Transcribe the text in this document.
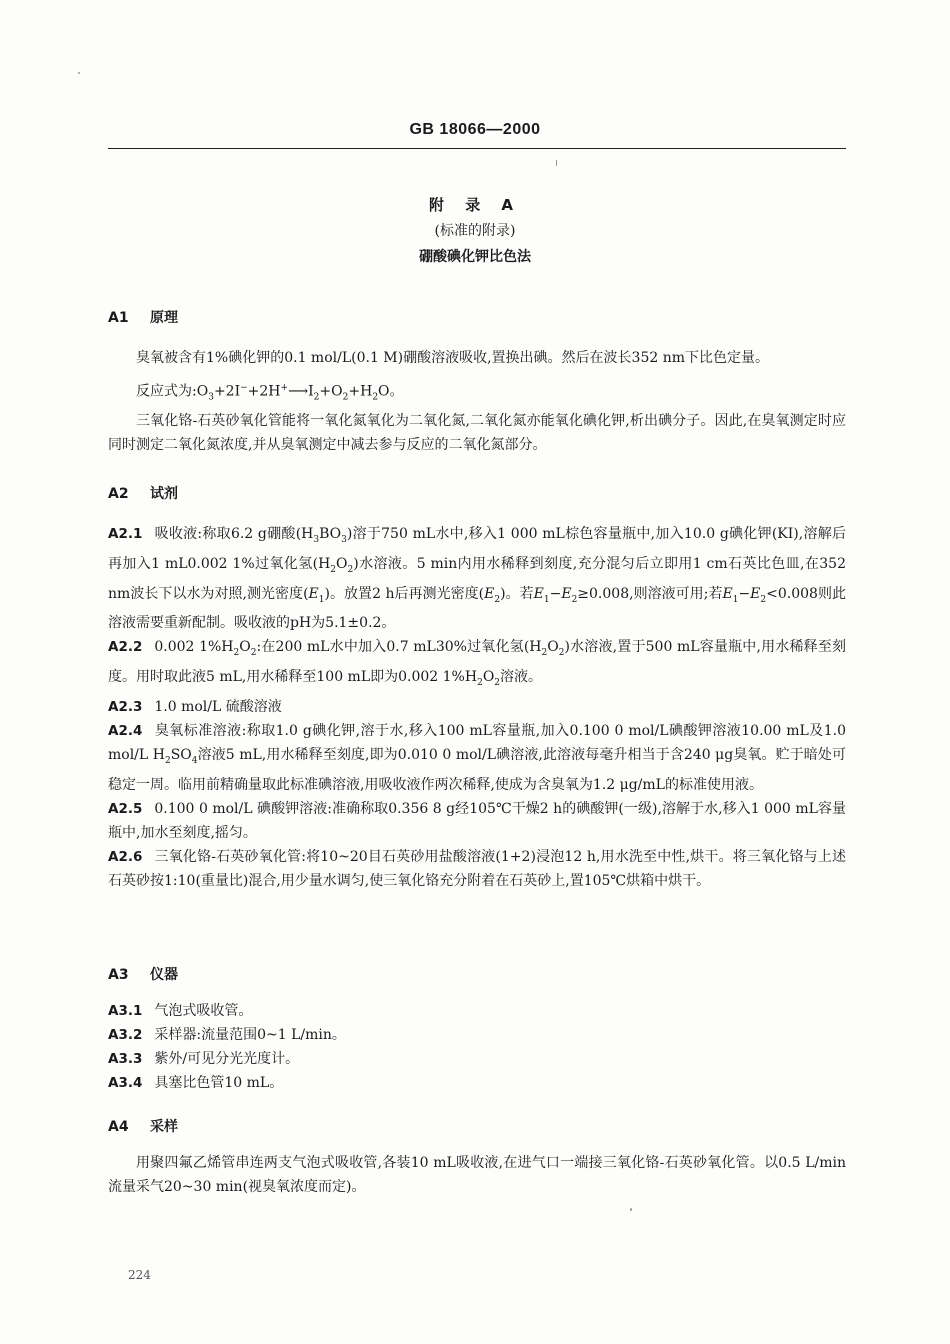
GB 18066—2000
附 录 A
(标准的附录)
硼酸碘化钾比色法

A1 原理

臭氧被含有1%碘化钾的0.1 mol/L(0.1 M)硼酸溶液吸收,置换出碘。然后在波长352 nm下比色定量。

反应式为$:O_3+2I^-+2H^+⟶I_2+O_2+H_2O$。

三氧化铬-石英砂氧化管能将一氧化氮氧化为二氧化氮,二氧化氮亦能氧化碘化钾,析出碘分子。因此,在臭氧测定时应同时测定二氧化氮浓度,并从臭氧测定中减去参与反应的二氧化氮部分。

A2 试剂

A2.1 吸收液:称取6.2 g硼酸$(H_3BO_3)$溶于750 mL水中,移入1 000 mL棕色容量瓶中,加入10.0 g碘化钾(KI),溶解后再加入1 mL0.002 1%过氧化氢$(H_2O_2)$水溶液。5 min内用水稀释到刻度,充分混匀后立即用1 cm石英比色皿,在352 nm波长下以水为对照,测光密度$(E_1)$。放置2 h后再测光密度$(E_2)$。若$E_1-E_2\ge 0.008$,则溶液可用;若$E_1-E_2<0.008$则此溶液需要重新配制。吸收液的pH为5.1±0.2。

A2.2 0.002 $1\%H_2O_2$:在200 mL水中加入0.7 mL30%过氧化氢$(H_2O_2)$水溶液,置于500 mL容量瓶中,用水稀释至刻度。用时取此液5 mL,用水稀释至100 mL即为0.002 $1\%H_2O_2$溶液。

A2.3 1.0 mol/L 硫酸溶液

A2.4 臭氧标准溶液:称取1.0 g碘化钾,溶于水,移入100 mL容量瓶,加入0.100 0 mol/L碘酸钾溶液10.00 mL及1.0 mol/L $H_2SO_4$溶液5 mL,用水稀释至刻度,即为0.010 0 mol/L碘溶液,此溶液每毫升相当于含240 μg臭氧。贮于暗处可稳定一周。临用前精确量取此标准碘溶液,用吸收液作两次稀释,使成为含臭氧为1.2 μg/mL的标准使用液。

A2.5 0.100 0 mol/L 碘酸钾溶液:准确称取0.356 8 g经105℃干燥2 h的碘酸钾(一级),溶解于水,移入1 000 mL容量瓶中,加水至刻度,摇匀。

A2.6 三氧化铬-石英砂氧化管:将10~20目石英砂用盐酸溶液(1+2)浸泡12 h,用水洗至中性,烘干。将三氧化铬与上述石英砂按1:10(重量比)混合,用少量水调匀,使三氧化铬充分附着在石英砂上,置105℃烘箱中烘干。

A3 仪器

A3.1 气泡式吸收管。

A3.2 采样器:流量范围0~1 L/min。

A3.3 紫外/可见分光光度计。

A3.4 具塞比色管10 mL。

A4 采样

用聚四氟乙烯管串连两支气泡式吸收管,各装10 mL吸收液,在进气口一端接三氧化铬-石英砂氧化管。以0.5 L/min流量采气20~30 min(视臭氧浓度而定)。

224
